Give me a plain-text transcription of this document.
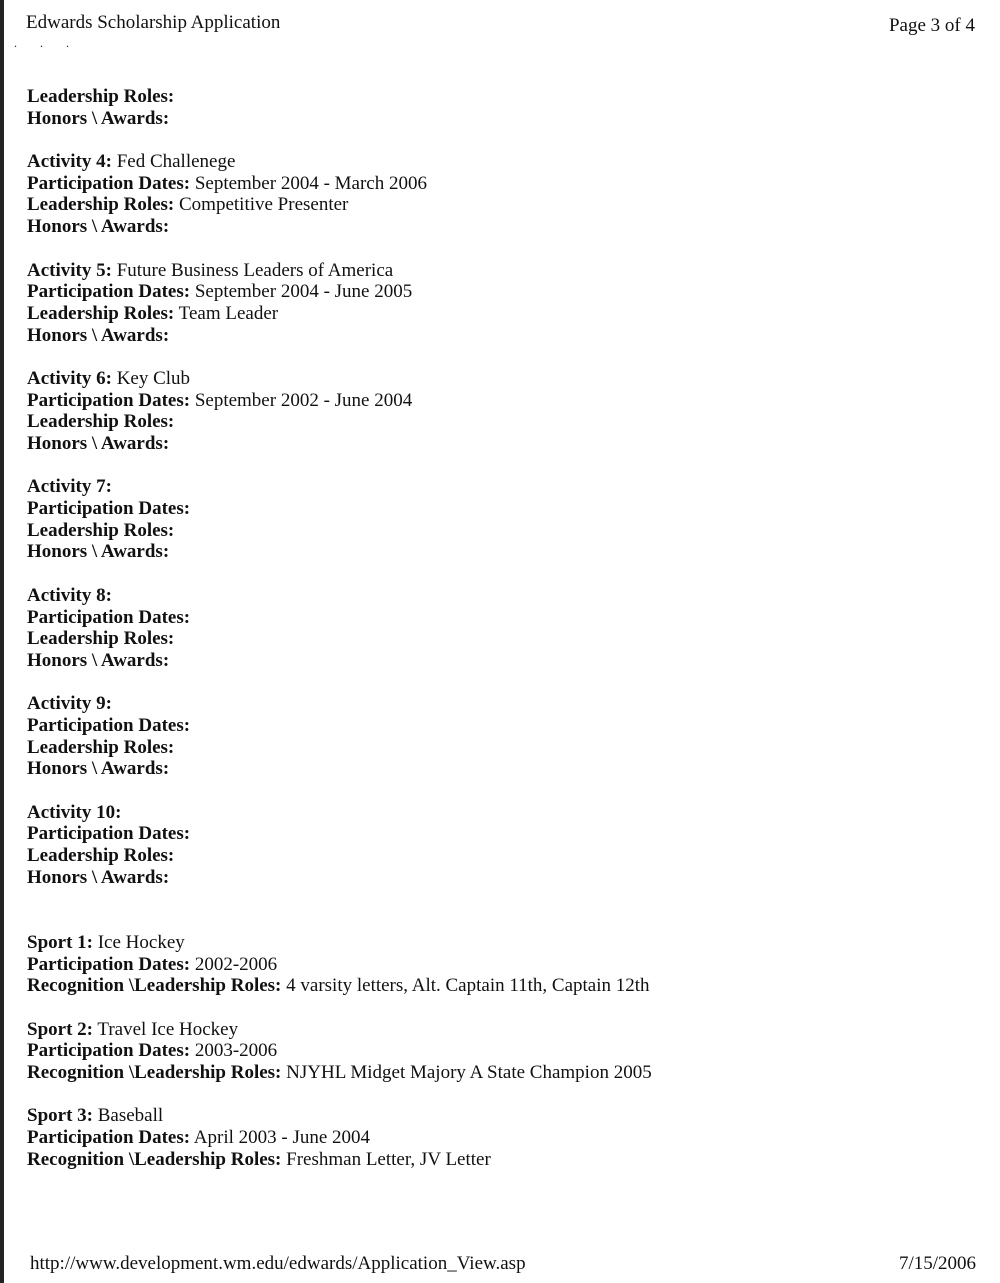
Edwards Scholarship Application	Page 3 of 4
. . .
Leadership Roles:
Honors \ Awards:
Activity 4: Fed Challenege
Participation Dates: September 2004 - March 2006
Leadership Roles: Competitive Presenter
Honors \ Awards:
Activity 5: Future Business Leaders of America
Participation Dates: September 2004 - June 2005
Leadership Roles: Team Leader
Honors \ Awards:
Activity 6: Key Club
Participation Dates: September 2002 - June 2004
Leadership Roles:
Honors \ Awards:
Activity 7:
Participation Dates:
Leadership Roles:
Honors \ Awards:
Activity 8:
Participation Dates:
Leadership Roles:
Honors \ Awards:
Activity 9:
Participation Dates:
Leadership Roles:
Honors \ Awards:
Activity 10:
Participation Dates:
Leadership Roles:
Honors \ Awards:
Sport 1: Ice Hockey
Participation Dates: 2002-2006
Recognition \Leadership Roles: 4 varsity letters, Alt. Captain 11th, Captain 12th
Sport 2: Travel Ice Hockey
Participation Dates: 2003-2006
Recognition \Leadership Roles: NJYHL Midget Majory A State Champion 2005
Sport 3: Baseball
Participation Dates: April 2003 - June 2004
Recognition \Leadership Roles: Freshman Letter, JV Letter
http://www.development.wm.edu/edwards/Application_View.asp	7/15/2006
